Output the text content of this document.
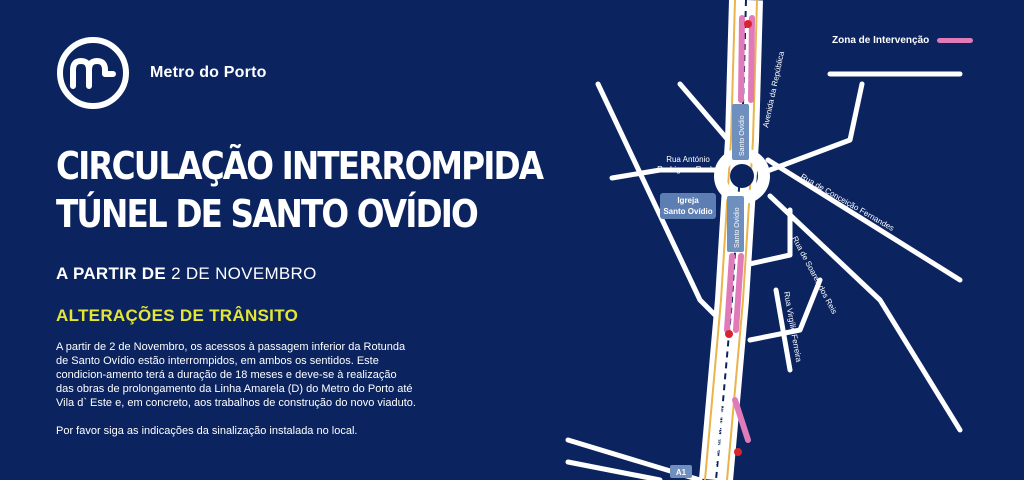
Metro do Porto
CIRCULAÇÃO INTERROMPIDA
TÚNEL DE SANTO OVÍDIO
A PARTIR DE 2 DE NOVEMBRO
ALTERAÇÕES DE TRÂNSITO

A partir de 2 de Novembro, os acessos à passagem inferior da Rotunda de Santo Ovídio estão interrompidos, em ambos os sentidos. Este condicion-amento terá a duração de 18 meses e deve-se à realização das obras de prolongamento da Linha Amarela (D) do Metro do Porto até Vila d` Este e, em concreto, aos trabalhos de construção do novo viaduto.

Por favor siga as indicações da sinalização instalada no local.

Zona de Intervenção
Santo Ovídio
Santo Ovídio
Avenida da República
Avenida da República
Rua António
Rodrigues Rocha
Rua de Conceição Fernandes
Rua de Soares dos Reis
Rua Virgílio Ferreira
Igreja
Santo Ovídio
A1
